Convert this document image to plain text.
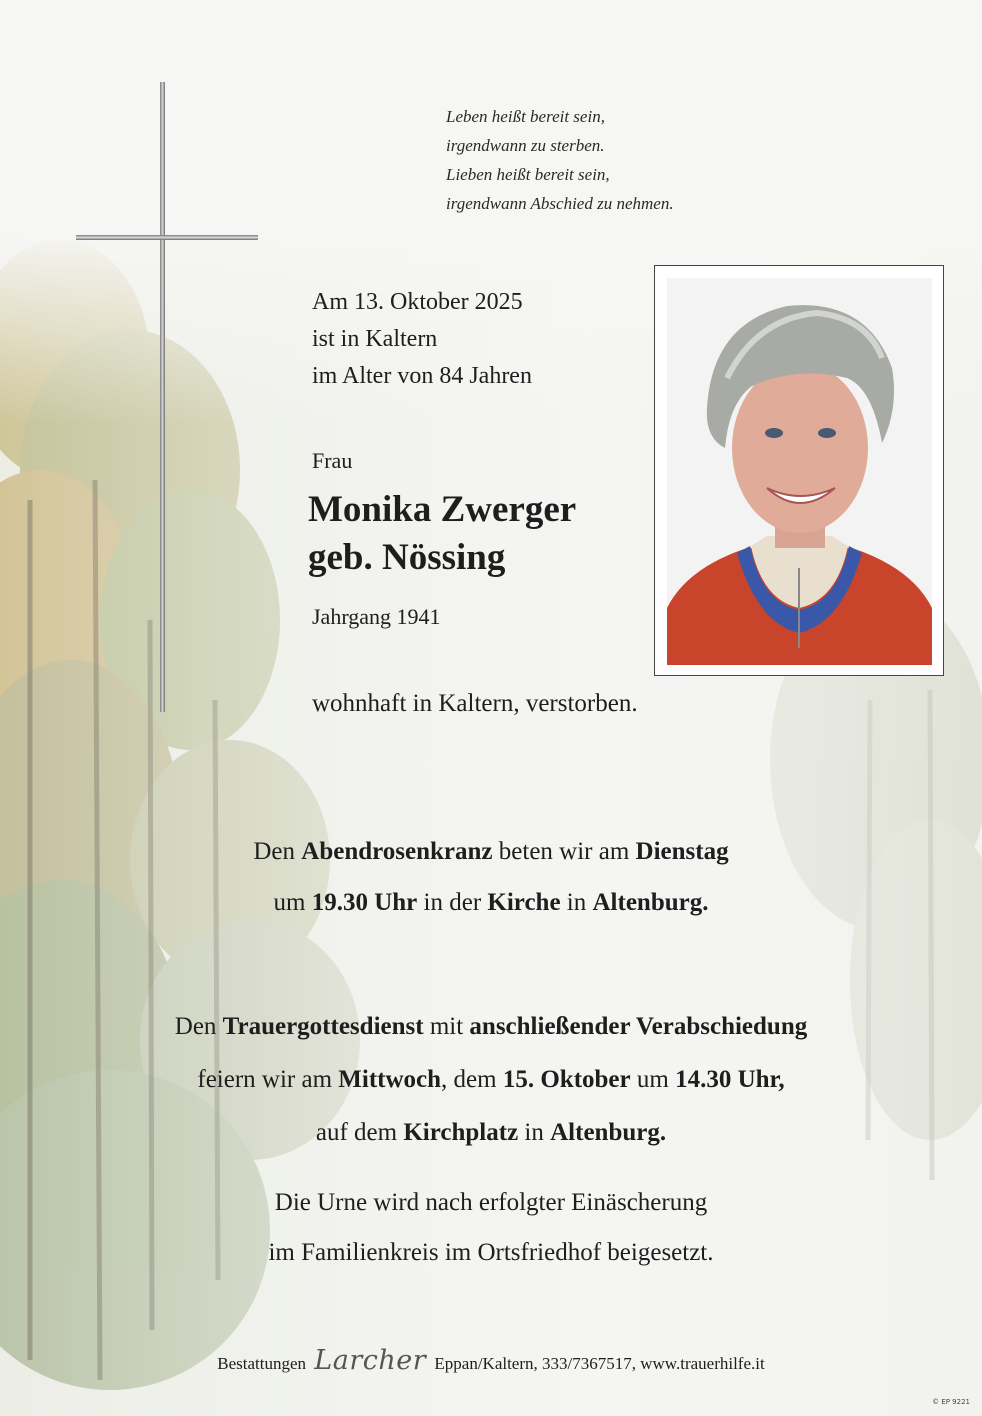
Leben heißt bereit sein,
irgendwann zu sterben.
Lieben heißt bereit sein,
irgendwann Abschied zu nehmen.
Am 13. Oktober 2025
ist in Kaltern
im Alter von 84 Jahren
Frau
Monika Zwerger
geb. Nössing
Jahrgang 1941
wohnhaft in Kaltern, verstorben.
Den Abendrosenkranz beten wir am Dienstag
um 19.30 Uhr in der Kirche in Altenburg.
Den Trauergottesdienst mit anschließender Verabschiedung
feiern wir am Mittwoch, dem 15. Oktober um 14.30 Uhr,
auf dem Kirchplatz in Altenburg.
Die Urne wird nach erfolgter Einäscherung
im Familienkreis im Ortsfriedhof beigesetzt.
Bestattungen Larcher Eppan/Kaltern, 333/7367517, www.trauerhilfe.it
© EP 9221
